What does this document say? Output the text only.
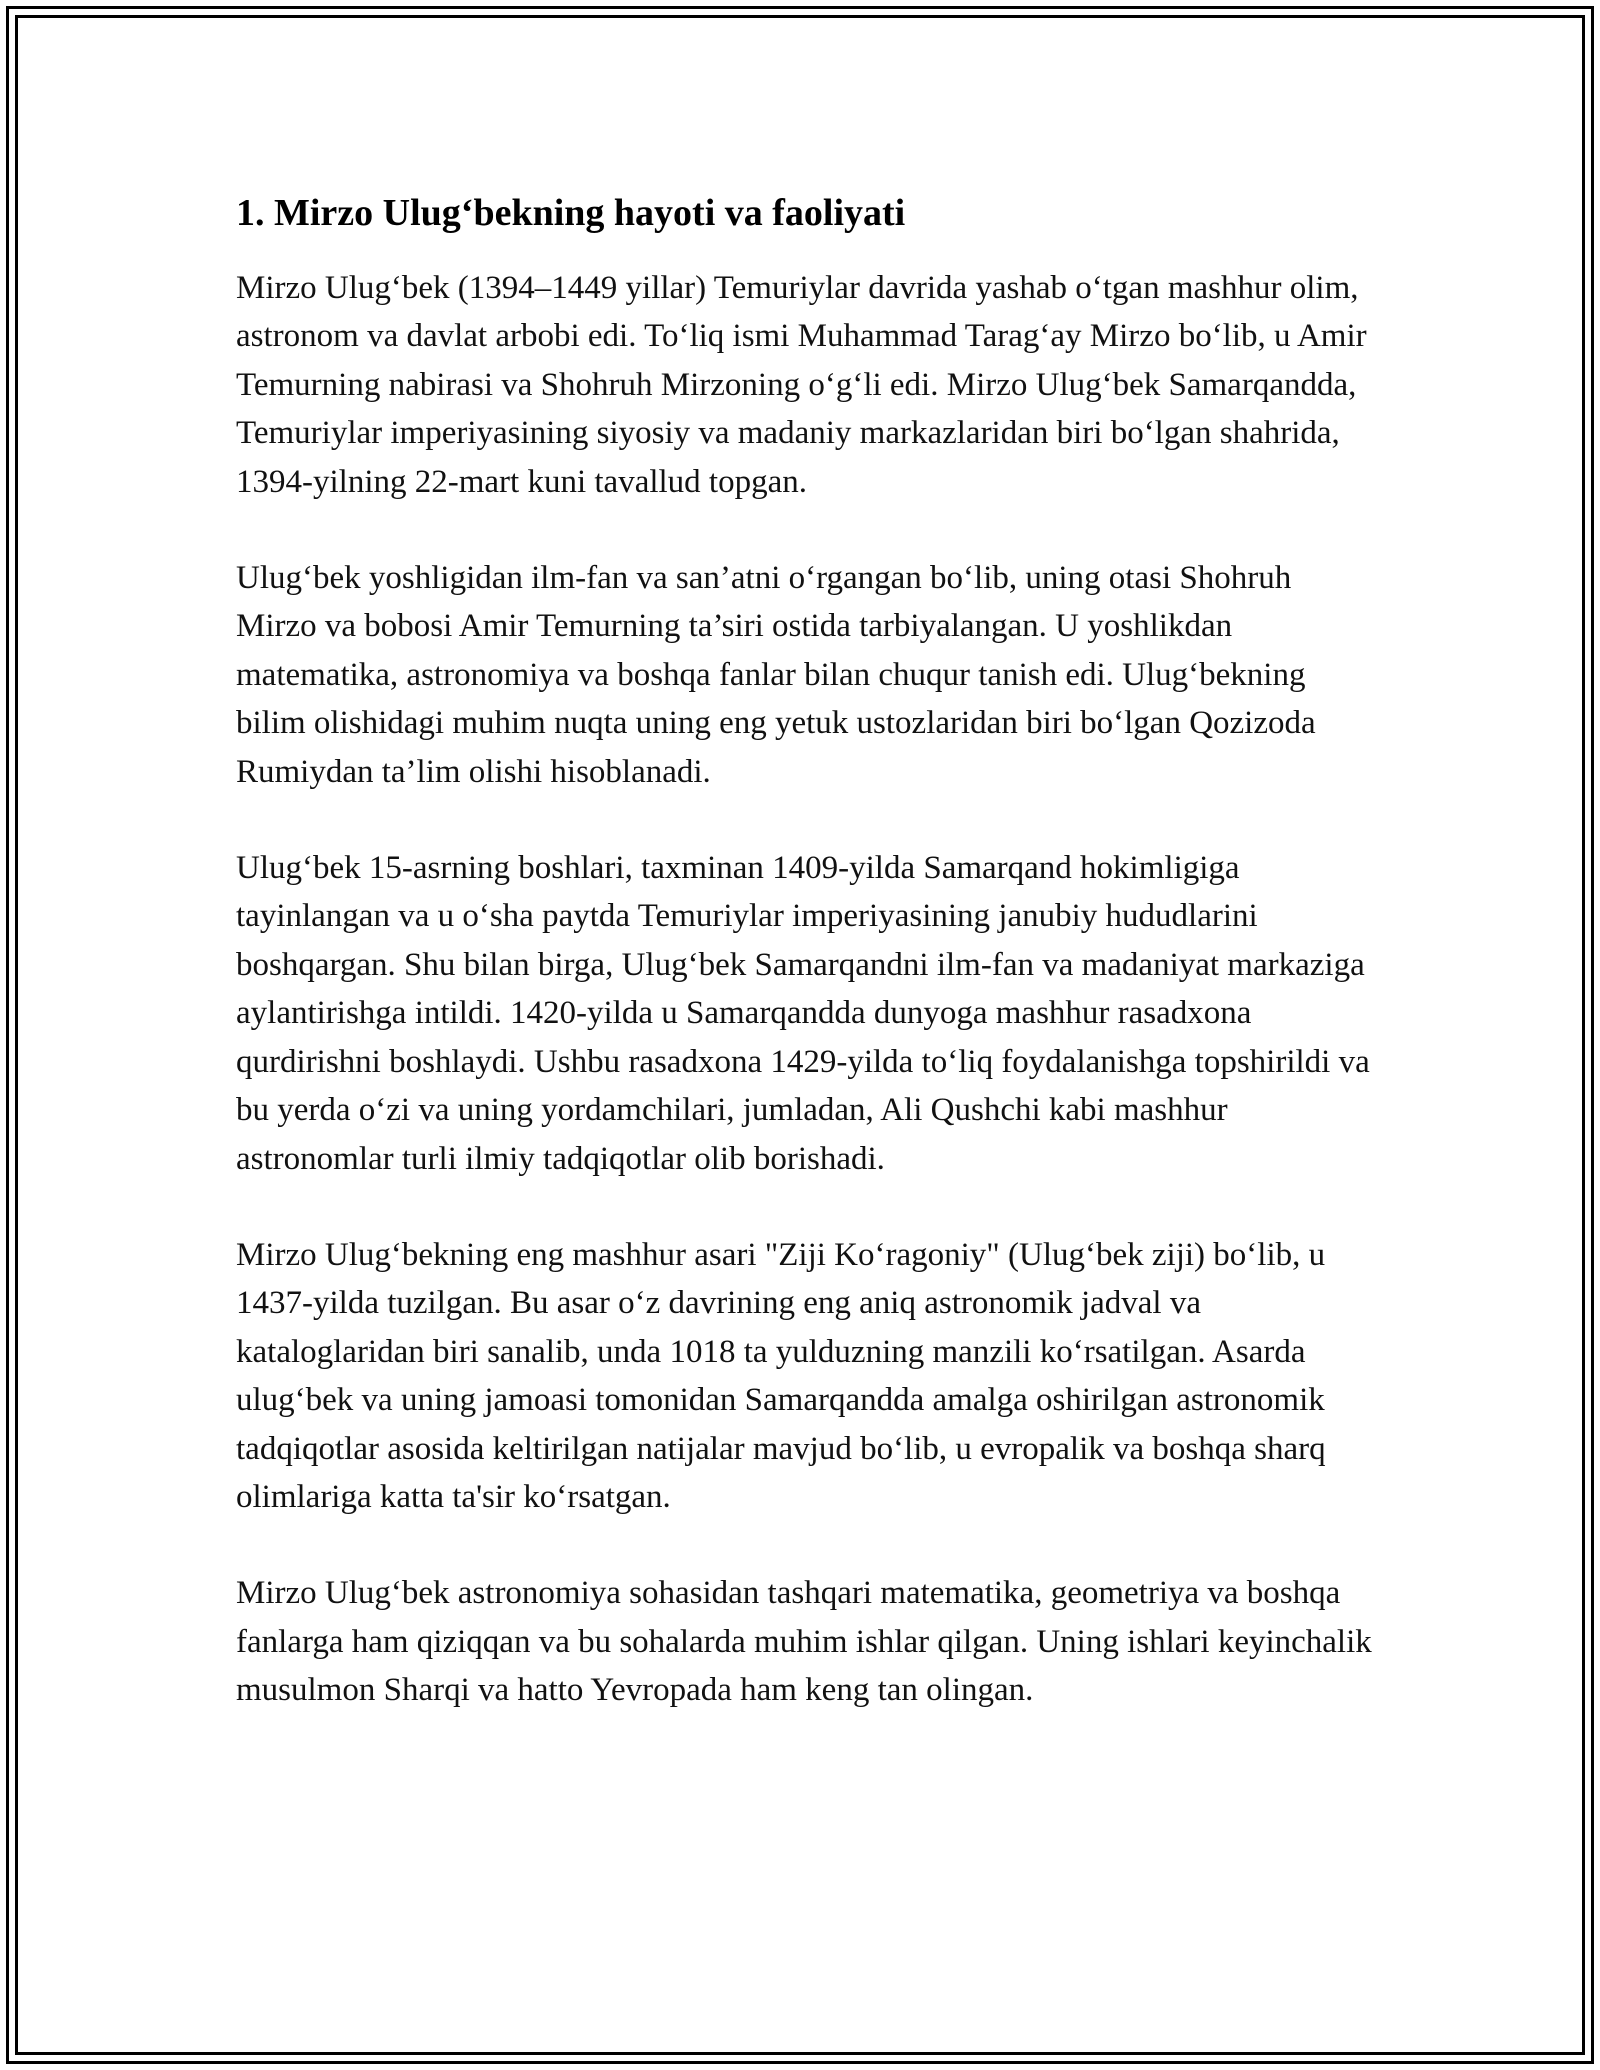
1. Mirzo Ulug‘bekning hayoti va faoliyati

Mirzo Ulug‘bek (1394–1449 yillar) Temuriylar davrida yashab o‘tgan mashhur olim, astronom va davlat arbobi edi. To‘liq ismi Muhammad Tarag‘ay Mirzo bo‘lib, u Amir Temurning nabirasi va Shohruh Mirzoning o‘g‘li edi. Mirzo Ulug‘bek Samarqandda, Temuriylar imperiyasining siyosiy va madaniy markazlaridan biri bo‘lgan shahrida, 1394-yilning 22-mart kuni tavallud topgan.

Ulug‘bek yoshligidan ilm-fan va san’atni o‘rgangan bo‘lib, uning otasi Shohruh Mirzo va bobosi Amir Temurning ta’siri ostida tarbiyalangan. U yoshlikdan matematika, astronomiya va boshqa fanlar bilan chuqur tanish edi. Ulug‘bekning bilim olishidagi muhim nuqta uning eng yetuk ustozlaridan biri bo‘lgan Qozizoda Rumiydan ta’lim olishi hisoblanadi.

Ulug‘bek 15-asrning boshlari, taxminan 1409-yilda Samarqand hokimligiga tayinlangan va u o‘sha paytda Temuriylar imperiyasining janubiy hududlarini boshqargan. Shu bilan birga, Ulug‘bek Samarqandni ilm-fan va madaniyat markaziga aylantirishga intildi. 1420-yilda u Samarqandda dunyoga mashhur rasadxona qurdirishni boshlaydi. Ushbu rasadxona 1429-yilda to‘liq foydalanishga topshirildi va bu yerda o‘zi va uning yordamchilari, jumladan, Ali Qushchi kabi mashhur astronomlar turli ilmiy tadqiqotlar olib borishadi.

Mirzo Ulug‘bekning eng mashhur asari "Ziji Ko‘ragoniy" (Ulug‘bek ziji) bo‘lib, u 1437-yilda tuzilgan. Bu asar o‘z davrining eng aniq astronomik jadval va kataloglaridan biri sanalib, unda 1018 ta yulduzning manzili ko‘rsatilgan. Asarda ulug‘bek va uning jamoasi tomonidan Samarqandda amalga oshirilgan astronomik tadqiqotlar asosida keltirilgan natijalar mavjud bo‘lib, u evropalik va boshqa sharq olimlariga katta ta'sir ko‘rsatgan.

Mirzo Ulug‘bek astronomiya sohasidan tashqari matematika, geometriya va boshqa fanlarga ham qiziqqan va bu sohalarda muhim ishlar qilgan. Uning ishlari keyinchalik musulmon Sharqi va hatto Yevropada ham keng tan olingan.
